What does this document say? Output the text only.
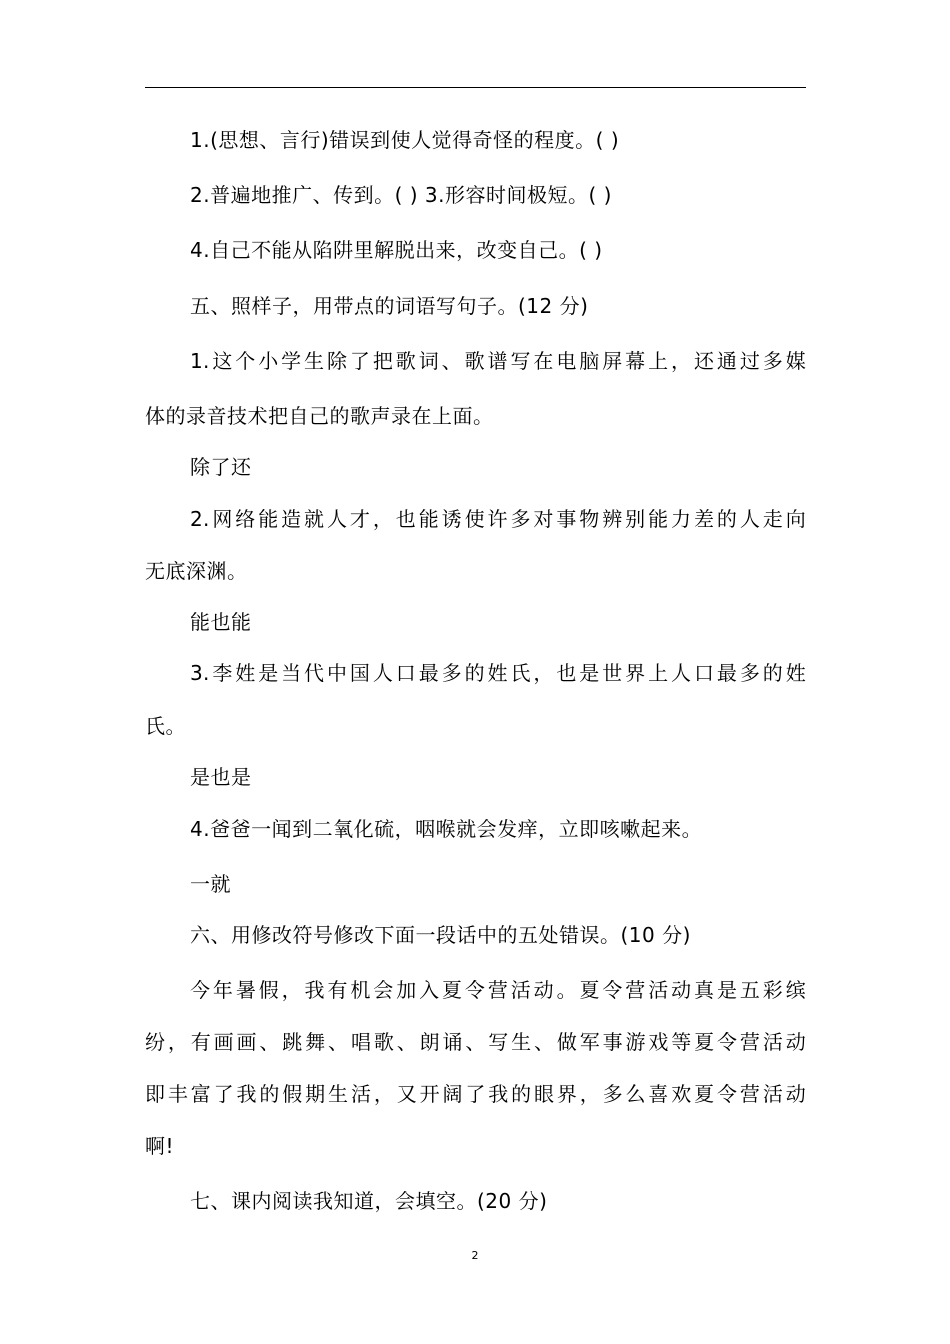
1.(思想、言行)错误到使人觉得奇怪的程度。( )
2.普遍地推广、传到。( ) 3.形容时间极短。( )
4.自己不能从陷阱里解脱出来，改变自己。( )
五、照样子，用带点的词语写句子。(12 分)
1.这个小学生除了把歌词、歌谱写在电脑屏幕上，还通过多媒
体的录音技术把自己的歌声录在上面。
除了还
2.网络能造就人才，也能诱使许多对事物辨别能力差的人走向
无底深渊。
能也能
3.李姓是当代中国人口最多的姓氏，也是世界上人口最多的姓
氏。
是也是
4.爸爸一闻到二氧化硫，咽喉就会发痒，立即咳嗽起来。
一就
六、用修改符号修改下面一段话中的五处错误。(10 分)
今年暑假，我有机会加入夏令营活动。夏令营活动真是五彩缤
纷，有画画、跳舞、唱歌、朗诵、写生、做军事游戏等夏令营活动
即丰富了我的假期生活，又开阔了我的眼界，多么喜欢夏令营活动
啊!
七、课内阅读我知道，会填空。(20 分)
2
